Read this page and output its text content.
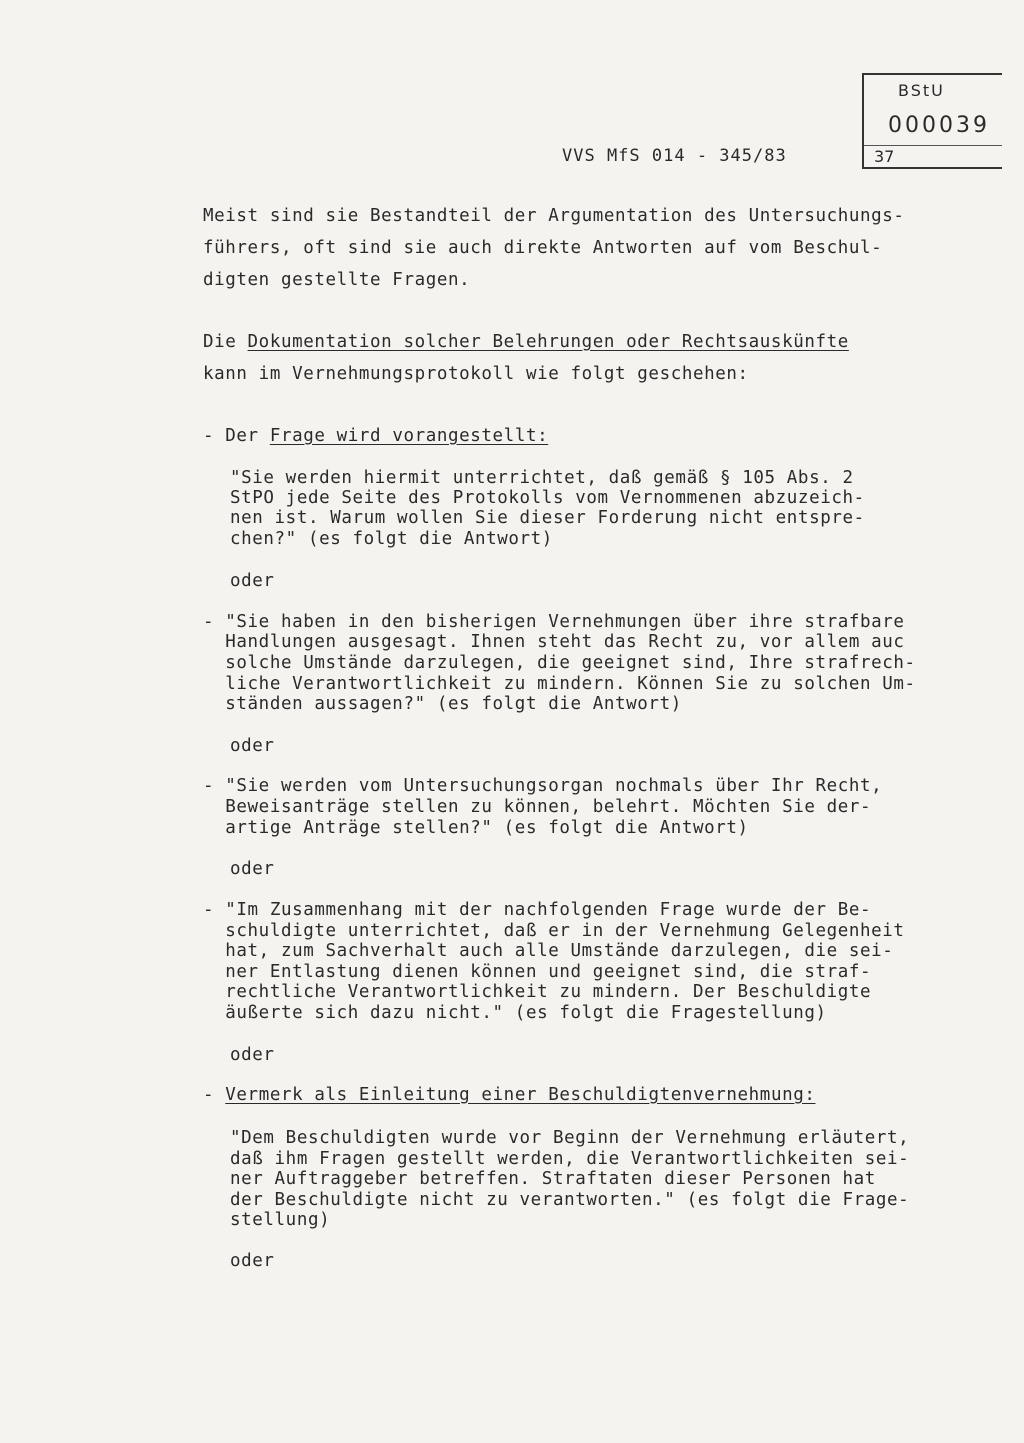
BStU
000039
37
VVS MfS 014 - 345/83
Meist sind sie Bestandteil der Argumentation des Untersuchungs-
führers, oft sind sie auch direkte Antworten auf vom Beschul-
digten gestellte Fragen.
Die Dokumentation solcher Belehrungen oder Rechtsauskünfte
kann im Vernehmungsprotokoll wie folgt geschehen:
- Der Frage wird vorangestellt:
"Sie werden hiermit unterrichtet, daß gemäß § 105 Abs. 2
StPO jede Seite des Protokolls vom Vernommenen abzuzeich-
nen ist. Warum wollen Sie dieser Forderung nicht entspre-
chen?" (es folgt die Antwort)
oder
- "Sie haben in den bisherigen Vernehmungen über ihre strafbare
Handlungen ausgesagt. Ihnen steht das Recht zu, vor allem auc
solche Umstände darzulegen, die geeignet sind, Ihre strafrech-
liche Verantwortlichkeit zu mindern. Können Sie zu solchen Um-
ständen aussagen?" (es folgt die Antwort)
oder
- "Sie werden vom Untersuchungsorgan nochmals über Ihr Recht,
Beweisanträge stellen zu können, belehrt. Möchten Sie der-
artige Anträge stellen?" (es folgt die Antwort)
oder
- "Im Zusammenhang mit der nachfolgenden Frage wurde der Be-
schuldigte unterrichtet, daß er in der Vernehmung Gelegenheit
hat, zum Sachverhalt auch alle Umstände darzulegen, die sei-
ner Entlastung dienen können und geeignet sind, die straf-
rechtliche Verantwortlichkeit zu mindern. Der Beschuldigte
äußerte sich dazu nicht." (es folgt die Fragestellung)
oder
- Vermerk als Einleitung einer Beschuldigtenvernehmung:
"Dem Beschuldigten wurde vor Beginn der Vernehmung erläutert,
daß ihm Fragen gestellt werden, die Verantwortlichkeiten sei-
ner Auftraggeber betreffen. Straftaten dieser Personen hat
der Beschuldigte nicht zu verantworten." (es folgt die Frage-
stellung)
oder
